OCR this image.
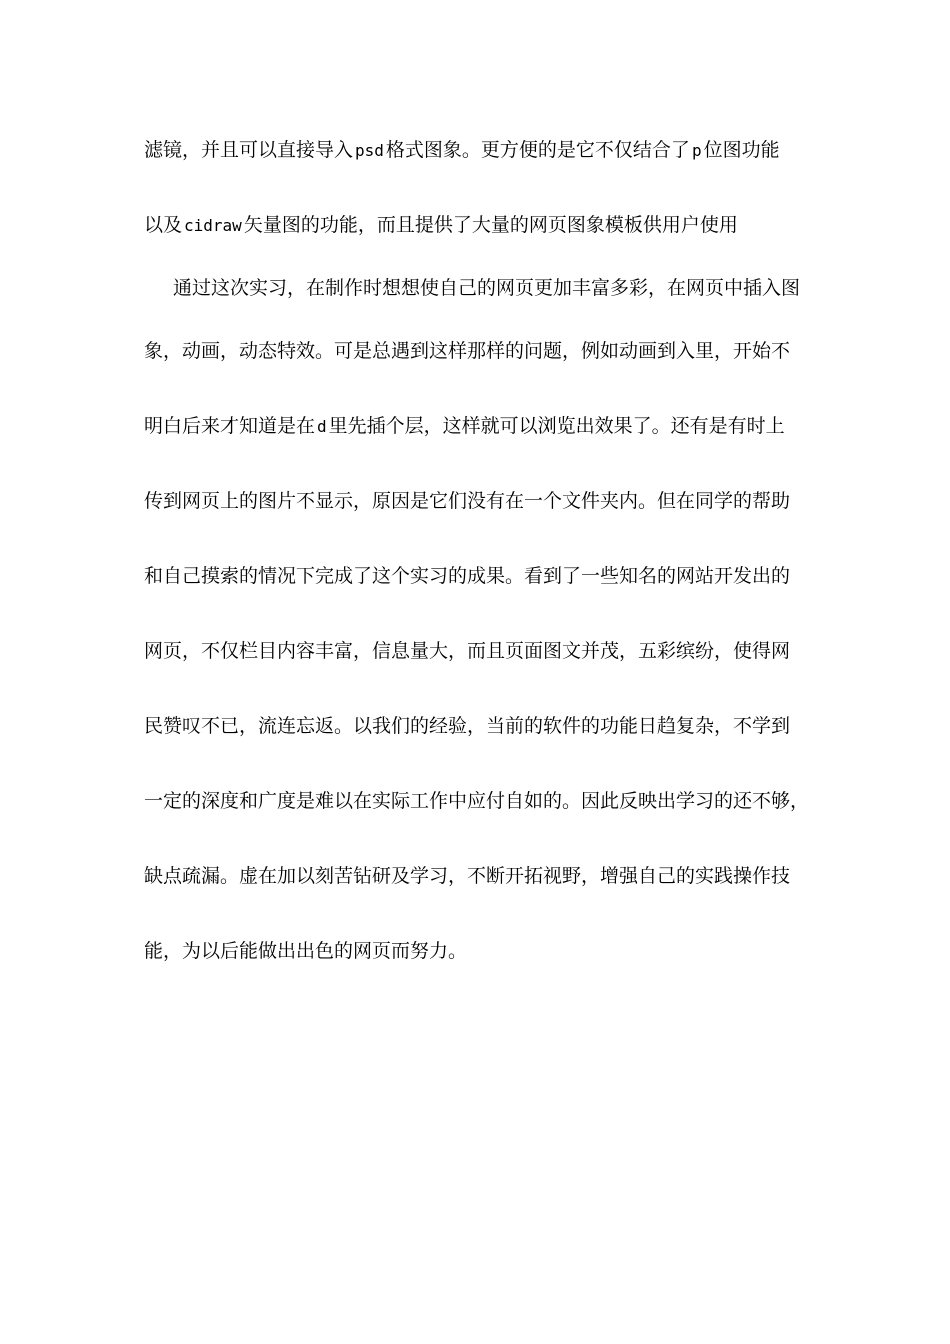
滤镜，并且可以直接导入 psd 格式图象。更方便的是它不仅结合了 p 位图功能
以及 cidraw 矢量图的功能，而且提供了大量的网页图象模板供用户使用
通过这次实习，在制作时想想使自己的网页更加丰富多彩，在网页中插入图
象，动画，动态特效。可是总遇到这样那样的问题，例如动画到入里，开始不
明白后来才知道是在 d 里先插个层，这样就可以浏览出效果了。还有是有时上
传到网页上的图片不显示，原因是它们没有在一个文件夹内。但在同学的帮助
和自己摸索的情况下完成了这个实习的成果。看到了一些知名的网站开发出的
网页，不仅栏目内容丰富，信息量大，而且页面图文并茂，五彩缤纷，使得网
民赞叹不已，流连忘返。以我们的经验，当前的软件的功能日趋复杂，不学到
一定的深度和广度是难以在实际工作中应付自如的。因此反映出学习的还不够，
缺点疏漏。虚在加以刻苦钻研及学习，不断开拓视野，增强自己的实践操作技
能，为以后能做出出色的网页而努力。
